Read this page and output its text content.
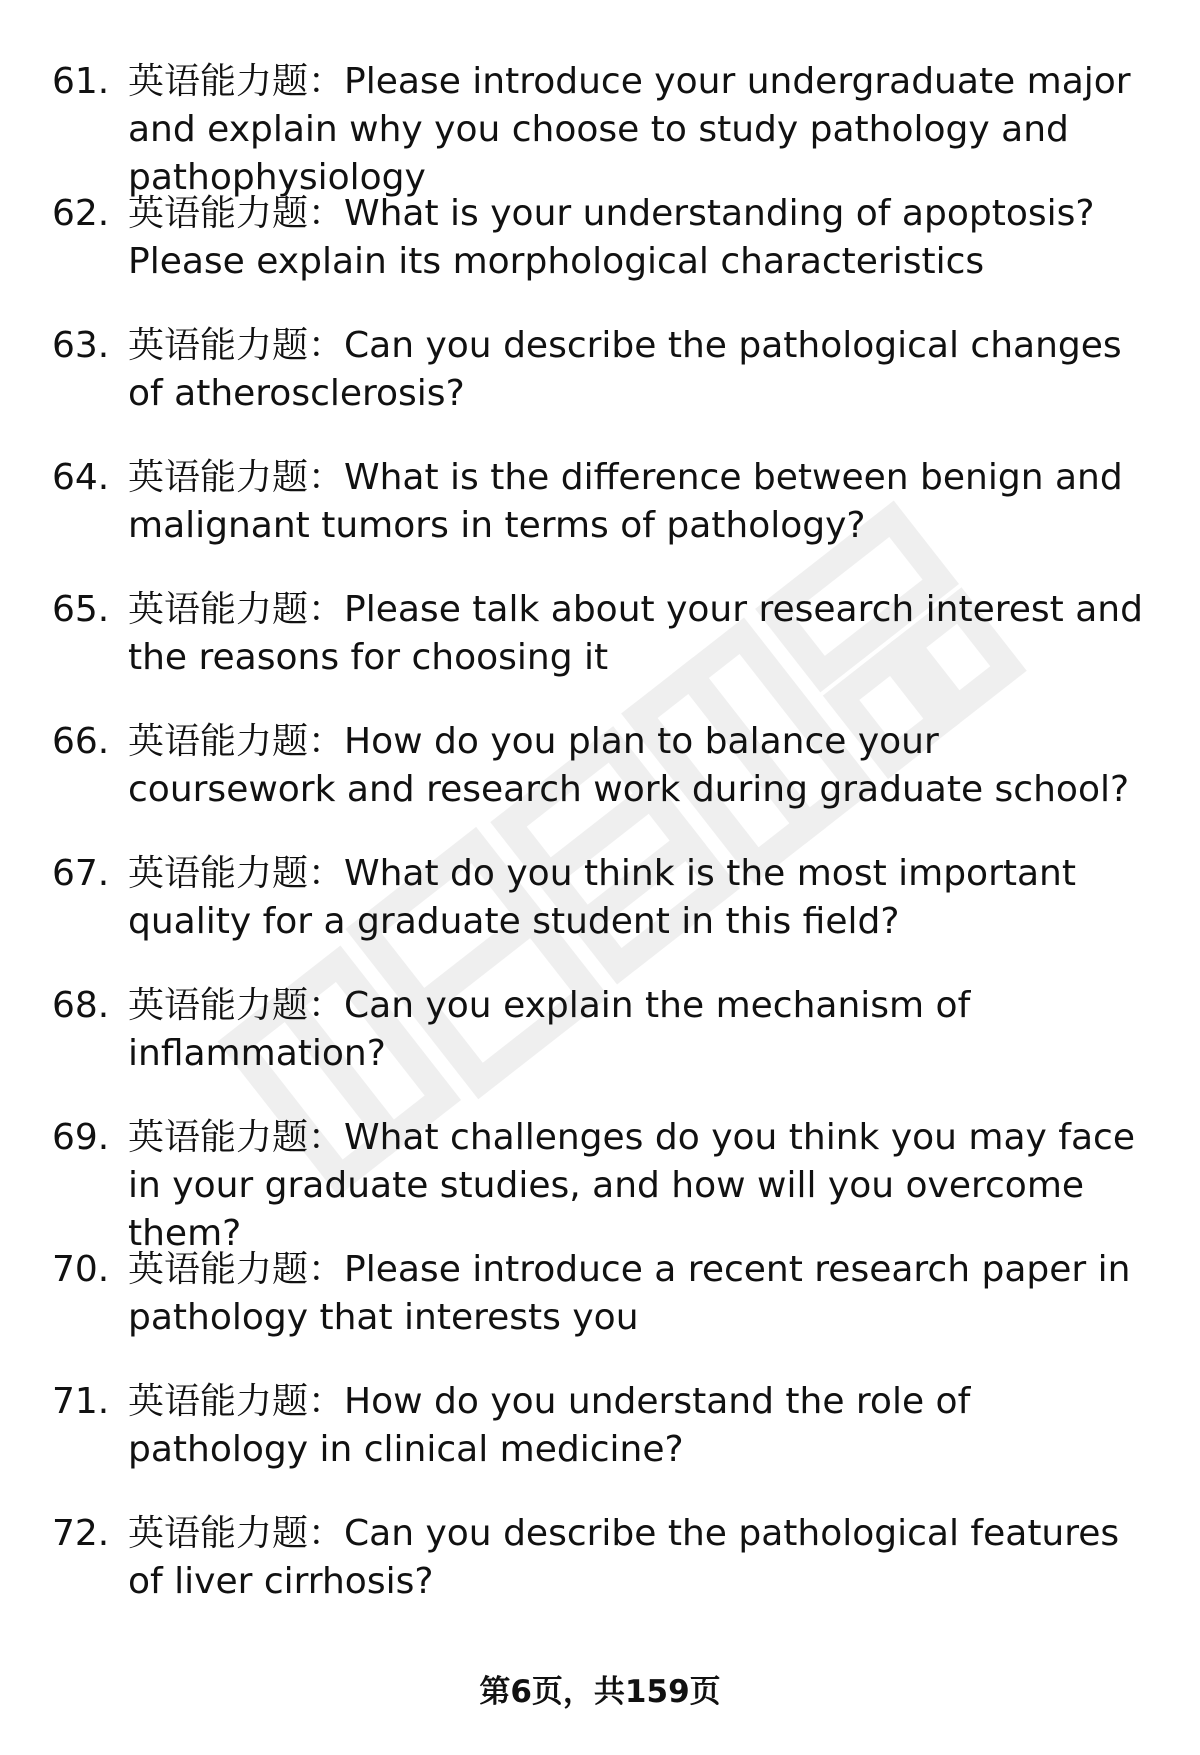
61. 英语能力题：Please introduce your undergraduate major and explain why you choose to study pathology and pathophysiology
62. 英语能力题：What is your understanding of apoptosis? Please explain its morphological characteristics
63. 英语能力题：Can you describe the pathological changes of atherosclerosis?
64. 英语能力题：What is the difference between benign and malignant tumors in terms of pathology?
65. 英语能力题：Please talk about your research interest and the reasons for choosing it
66. 英语能力题：How do you plan to balance your coursework and research work during graduate school?
67. 英语能力题：What do you think is the most important quality for a graduate student in this field?
68. 英语能力题：Can you explain the mechanism of inflammation?
69. 英语能力题：What challenges do you think you may face in your graduate studies, and how will you overcome them?
70. 英语能力题：Please introduce a recent research paper in pathology that interests you
71. 英语能力题：How do you understand the role of pathology in clinical medicine?
72. 英语能力题：Can you describe the pathological features of liver cirrhosis?
第6页，共159页
